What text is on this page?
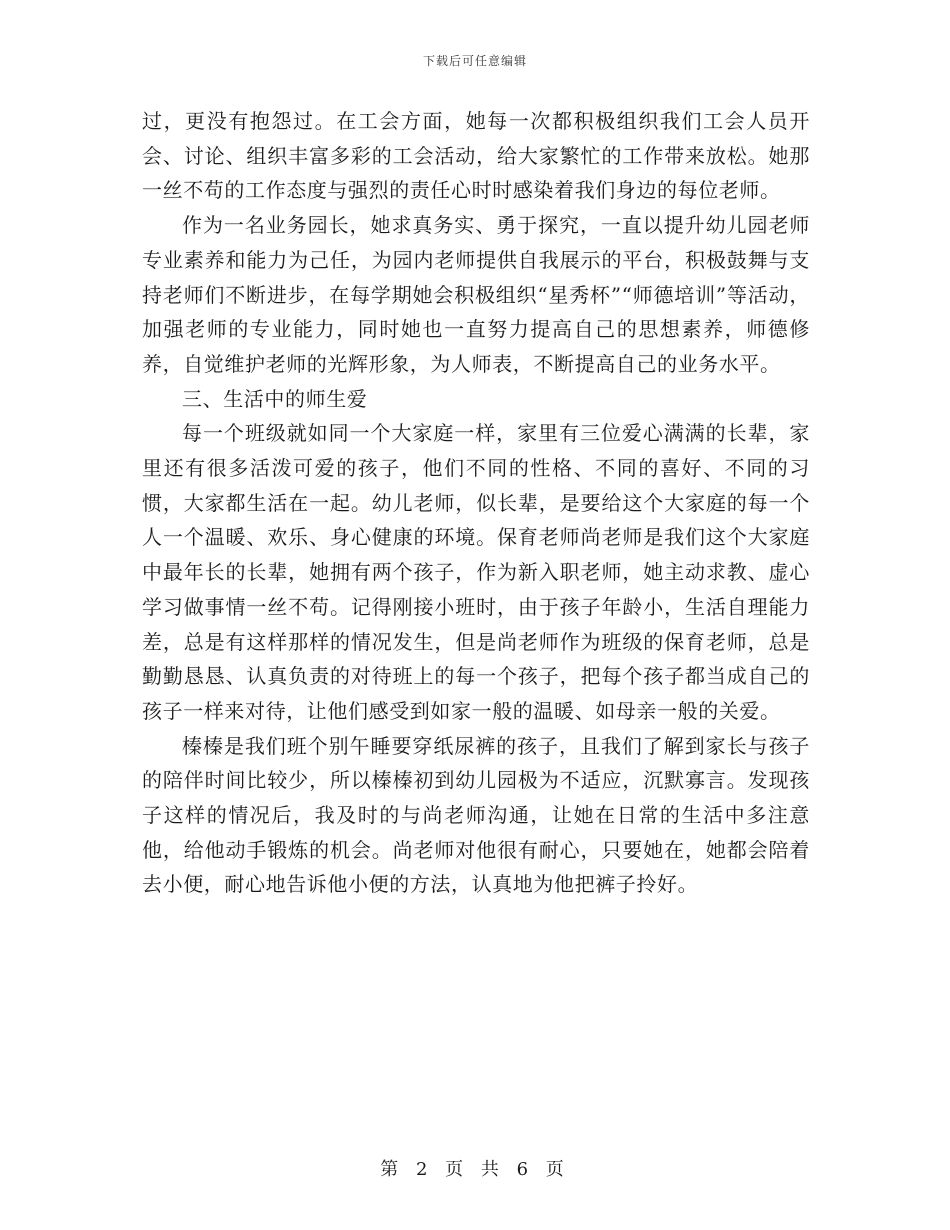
下载后可任意编辑

过，更没有抱怨过。在工会方面，她每一次都积极组织我们工会人员开会、讨论、组织丰富多彩的工会活动，给大家繁忙的工作带来放松。她那一丝不苟的工作态度与强烈的责任心时时感染着我们身边的每位老师。

作为一名业务园长，她求真务实、勇于探究，一直以提升幼儿园老师专业素养和能力为己任，为园内老师提供自我展示的平台，积极鼓舞与支持老师们不断进步，在每学期她会积极组织“星秀杯”“师德培训”等活动，加强老师的专业能力，同时她也一直努力提高自己的思想素养，师德修养，自觉维护老师的光辉形象，为人师表，不断提高自己的业务水平。

三、生活中的师生爱

每一个班级就如同一个大家庭一样，家里有三位爱心满满的长辈，家里还有很多活泼可爱的孩子，他们不同的性格、不同的喜好、不同的习惯，大家都生活在一起。幼儿老师，似长辈，是要给这个大家庭的每一个人一个温暖、欢乐、身心健康的环境。保育老师尚老师是我们这个大家庭中最年长的长辈，她拥有两个孩子，作为新入职老师，她主动求教、虚心学习做事情一丝不苟。记得刚接小班时，由于孩子年龄小，生活自理能力差，总是有这样那样的情况发生，但是尚老师作为班级的保育老师，总是勤勤恳恳、认真负责的对待班上的每一个孩子，把每个孩子都当成自己的孩子一样来对待，让他们感受到如家一般的温暖、如母亲一般的关爱。

榛榛是我们班个别午睡要穿纸尿裤的孩子，且我们了解到家长与孩子的陪伴时间比较少，所以榛榛初到幼儿园极为不适应，沉默寡言。发现孩子这样的情况后，我及时的与尚老师沟通，让她在日常的生活中多注意他，给他动手锻炼的机会。尚老师对他很有耐心，只要她在，她都会陪着去小便，耐心地告诉他小便的方法，认真地为他把裤子拎好。

第 2 页 共 6 页
